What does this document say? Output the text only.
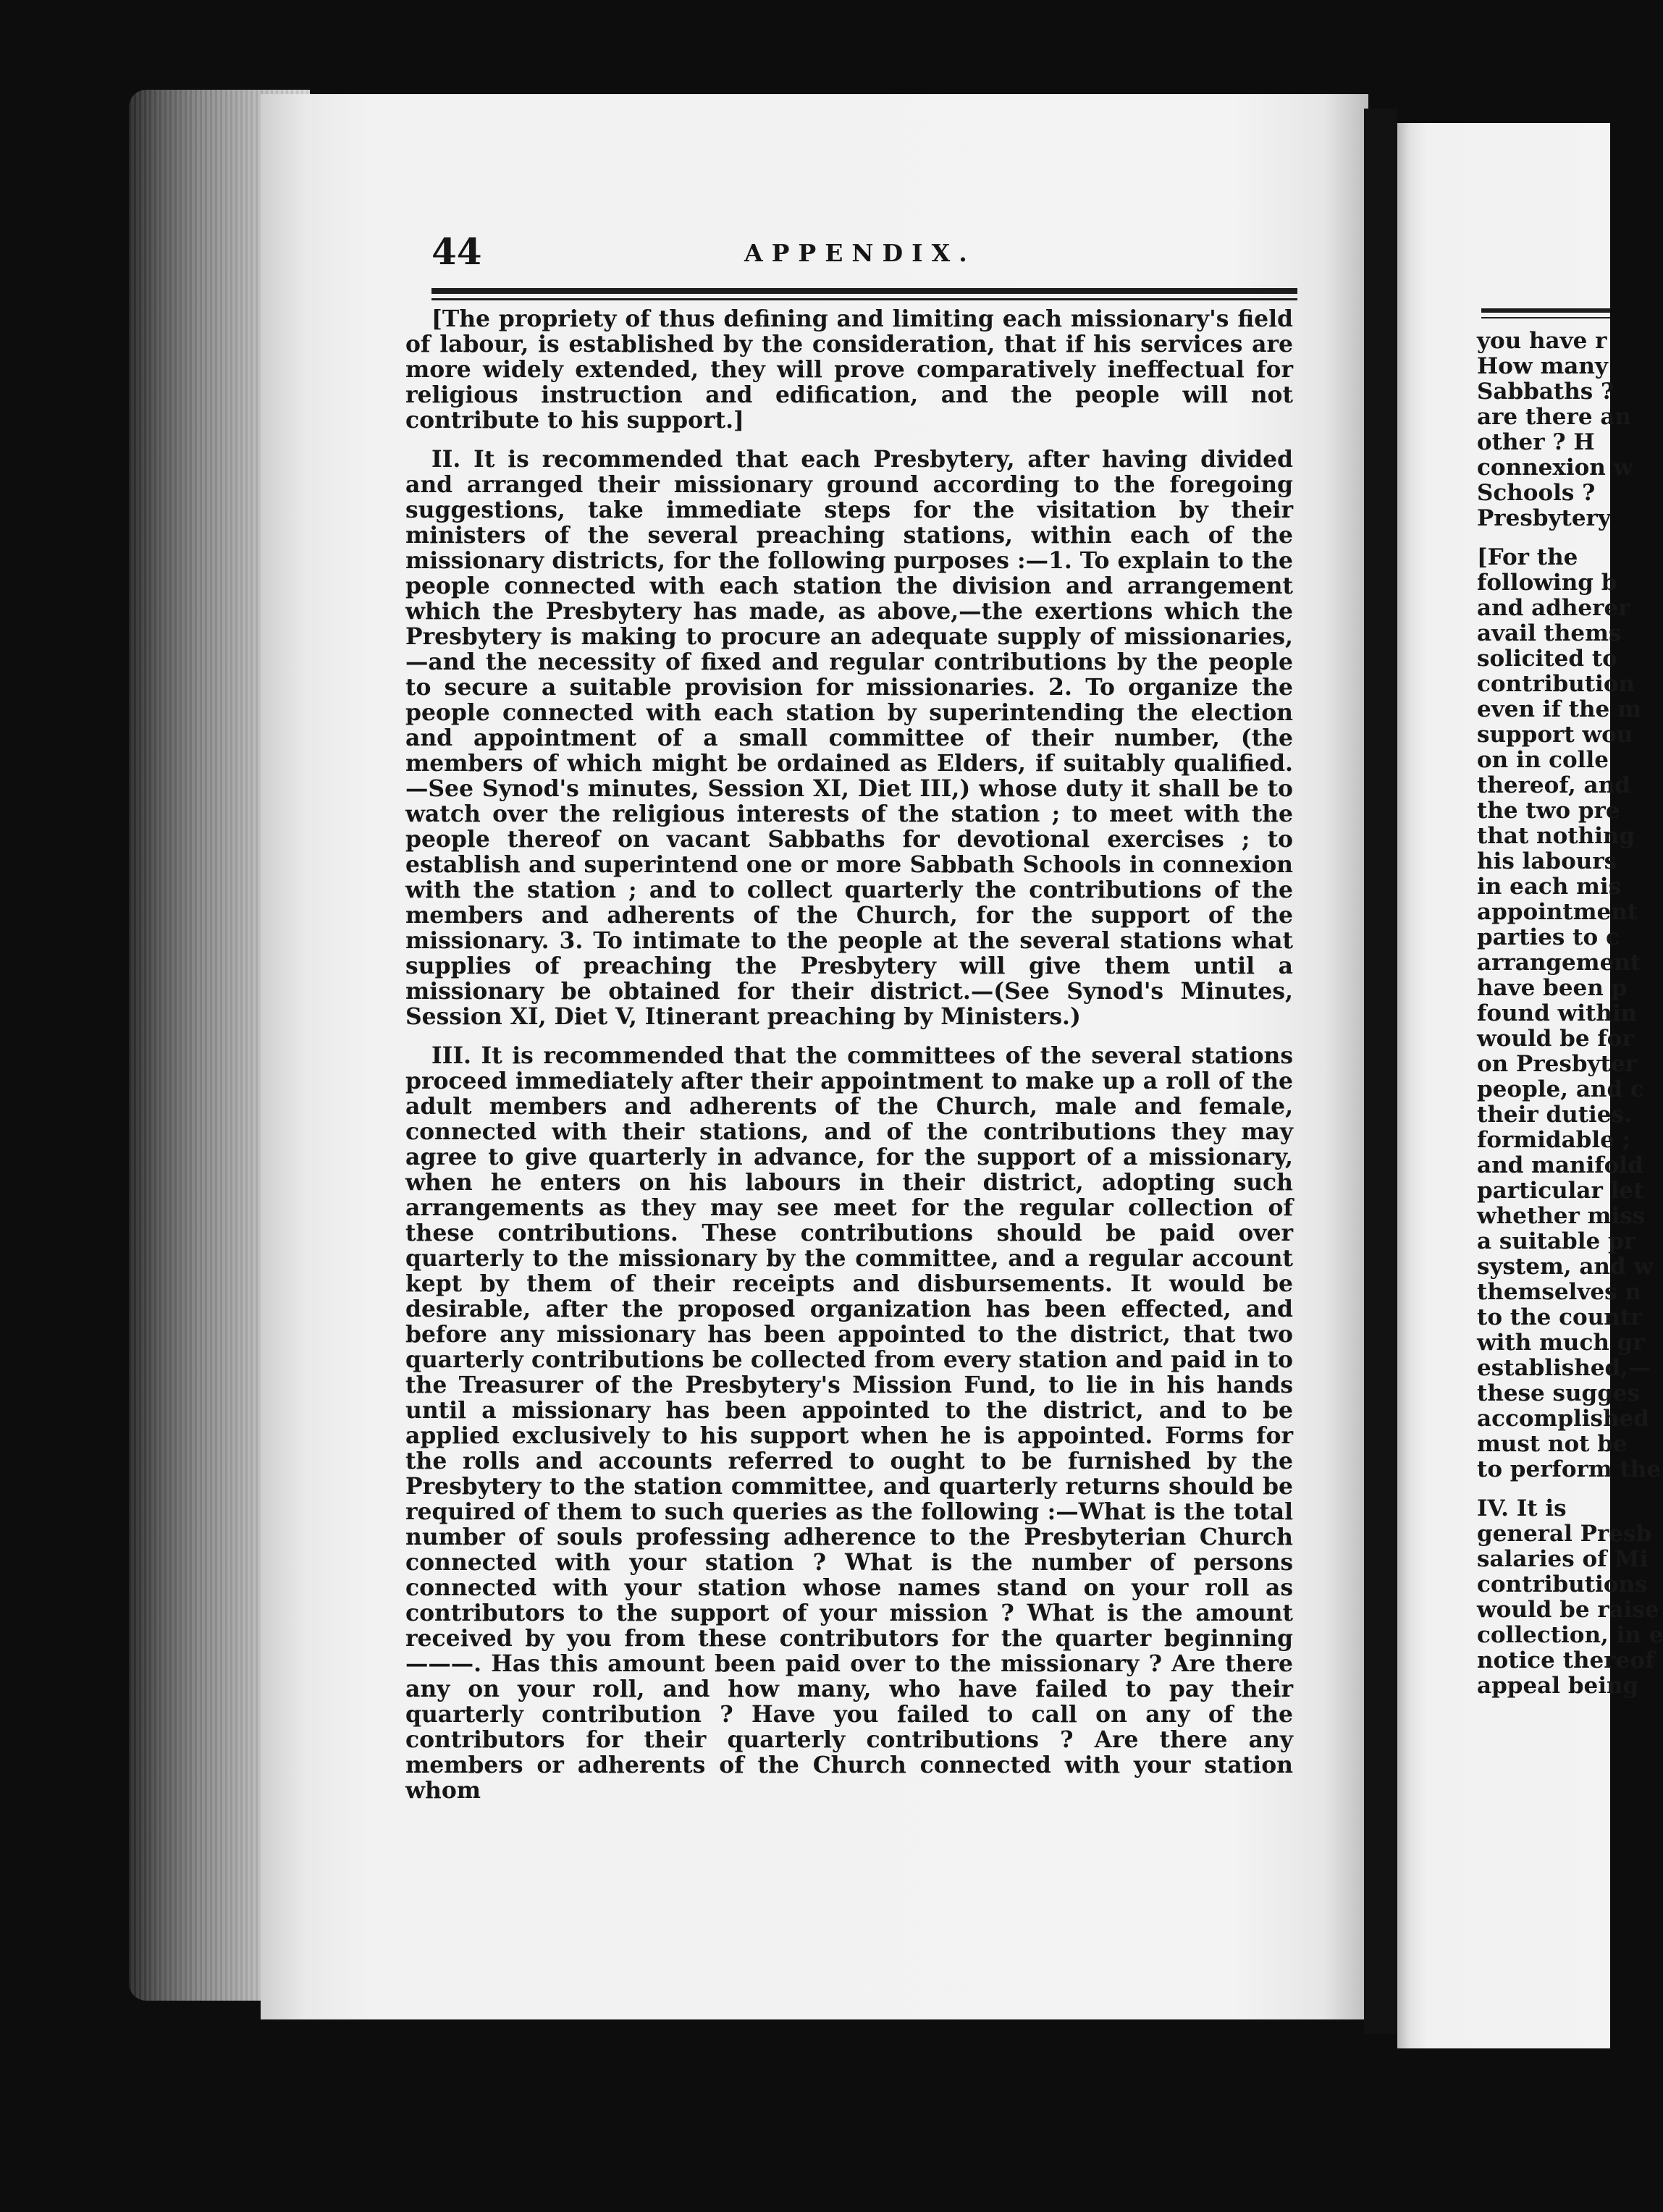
44	APPENDIX.

[The propriety of thus defining and limiting each missionary's field of labour, is established by the consideration, that if his services are more widely extended, they will prove comparatively ineffectual for religious instruction and edification, and the people will not contribute to his support.]

II. It is recommended that each Presbytery, after having divided and arranged their missionary ground according to the foregoing suggestions, take immediate steps for the visitation by their ministers of the several preaching stations, within each of the missionary districts, for the following purposes :—1. To explain to the people connected with each station the division and arrangement which the Presbytery has made, as above,—the exertions which the Presbytery is making to procure an adequate supply of missionaries,—and the necessity of fixed and regular contributions by the people to secure a suitable provision for missionaries. 2. To organize the people connected with each station by superintending the election and appointment of a small committee of their number, (the members of which might be ordained as Elders, if suitably qualified.—See Synod's minutes, Session XI, Diet III,) whose duty it shall be to watch over the religious interests of the station ; to meet with the people thereof on vacant Sabbaths for devotional exercises ; to establish and superintend one or more Sabbath Schools in connexion with the station ; and to collect quarterly the contributions of the members and adherents of the Church, for the support of the missionary. 3. To intimate to the people at the several stations what supplies of preaching the Presbytery will give them until a missionary be obtained for their district.—(See Synod's Minutes, Session XI, Diet V, Itinerant preaching by Ministers.)

III. It is recommended that the committees of the several stations proceed immediately after their appointment to make up a roll of the adult members and adherents of the Church, male and female, connected with their stations, and of the contributions they may agree to give quarterly in advance, for the support of a missionary, when he enters on his labours in their district, adopting such arrangements as they may see meet for the regular collection of these contributions. These contributions should be paid over quarterly to the missionary by the committee, and a regular account kept by them of their receipts and disbursements. It would be desirable, after the proposed organization has been effected, and before any missionary has been appointed to the district, that two quarterly contributions be collected from every station and paid in to the Treasurer of the Presbytery's Mission Fund, to lie in his hands until a missionary has been appointed to the district, and to be applied exclusively to his support when he is appointed. Forms for the rolls and accounts referred to ought to be furnished by the Presbytery to the station committee, and quarterly returns should be required of them to such queries as the following :—What is the total number of souls professing adherence to the Presbyterian Church connected with your station ? What is the number of persons connected with your station whose names stand on your roll as contributors to the support of your mission ? What is the amount received by you from these contributors for the quarter beginning ———. Has this amount been paid over to the missionary ? Are there any on your roll, and how many, who have failed to pay their quarterly contribution ? Have you failed to call on any of the contributors for their quarterly contributions ? Are there any members or adherents of the Church connected with your station whom

you have r
How many
Sabbaths ?
are there an
other ? H
connexion w
Schools ?
Presbytery
[For the
following b
and adherer
avail thems
solicited to
contribution
even if the m
support wou
on in colle
thereof, and
the two pre
that nothing
his labours
in each mis
appointment
parties to c
arrangement
have been p
found within
would be for
on Presbyter
people, and c
their duties.
formidable ;
and manifold
particular let
whether miss
a suitable pr
system, and w
themselves n
to the countr
with much gr
established,—
these sugges
accomplished
must not be
to perform the
IV. It is
general Presb
salaries of Mi
contributions
would be raise
collection, in e
notice thereof
appeal being
